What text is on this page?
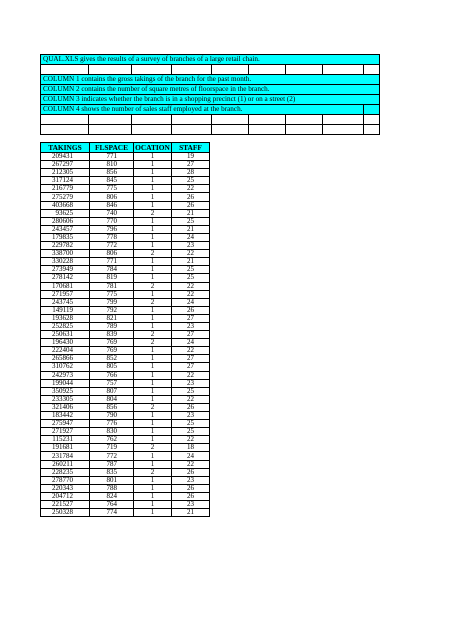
QUAL.XLS gives the results of a survey of branches of a large retail chain.								

COLUMN 1 contains the gross takings of the branch for the past month.								
COLUMN 2 contains the number of square metres of floorspace in the branch.								
COLUMN 3 indicates whether the branch is in a shopping precinct (1) or on a street (2)								
COLUMN 4 shows the number of sales staff employed at the branch.								

TAKINGS	FLSPACE	OCATION	STAFF
209431	771	1	19
267297	810	1	27
212305	856	1	28
317124	845	1	25
216779	775	1	22
275279	806	1	26
403668	846	1	26
93625	740	2	21
280606	770	1	25
243457	796	1	21
179835	778	1	24
229782	772	1	23
338700	806	2	22
330228	771	1	21
273949	784	1	25
278142	819	1	25
170681	781	2	22
271957	775	1	22
243745	799	2	24
149119	792	1	26
193628	821	1	27
252825	789	1	23
250631	839	2	27
196430	769	2	24
222404	769	1	22
265866	852	1	27
310762	805	1	27
242973	766	1	22
199044	757	1	23
350925	807	1	25
233305	804	1	22
321406	856	2	26
183442	790	1	23
275947	776	1	25
271927	830	1	25
115231	762	1	22
191681	719	2	18
231784	772	1	24
260211	787	1	22
228235	835	2	26
278770	801	1	23
220343	788	1	26
204712	824	1	26
221527	764	1	23
250328	774	1	21
